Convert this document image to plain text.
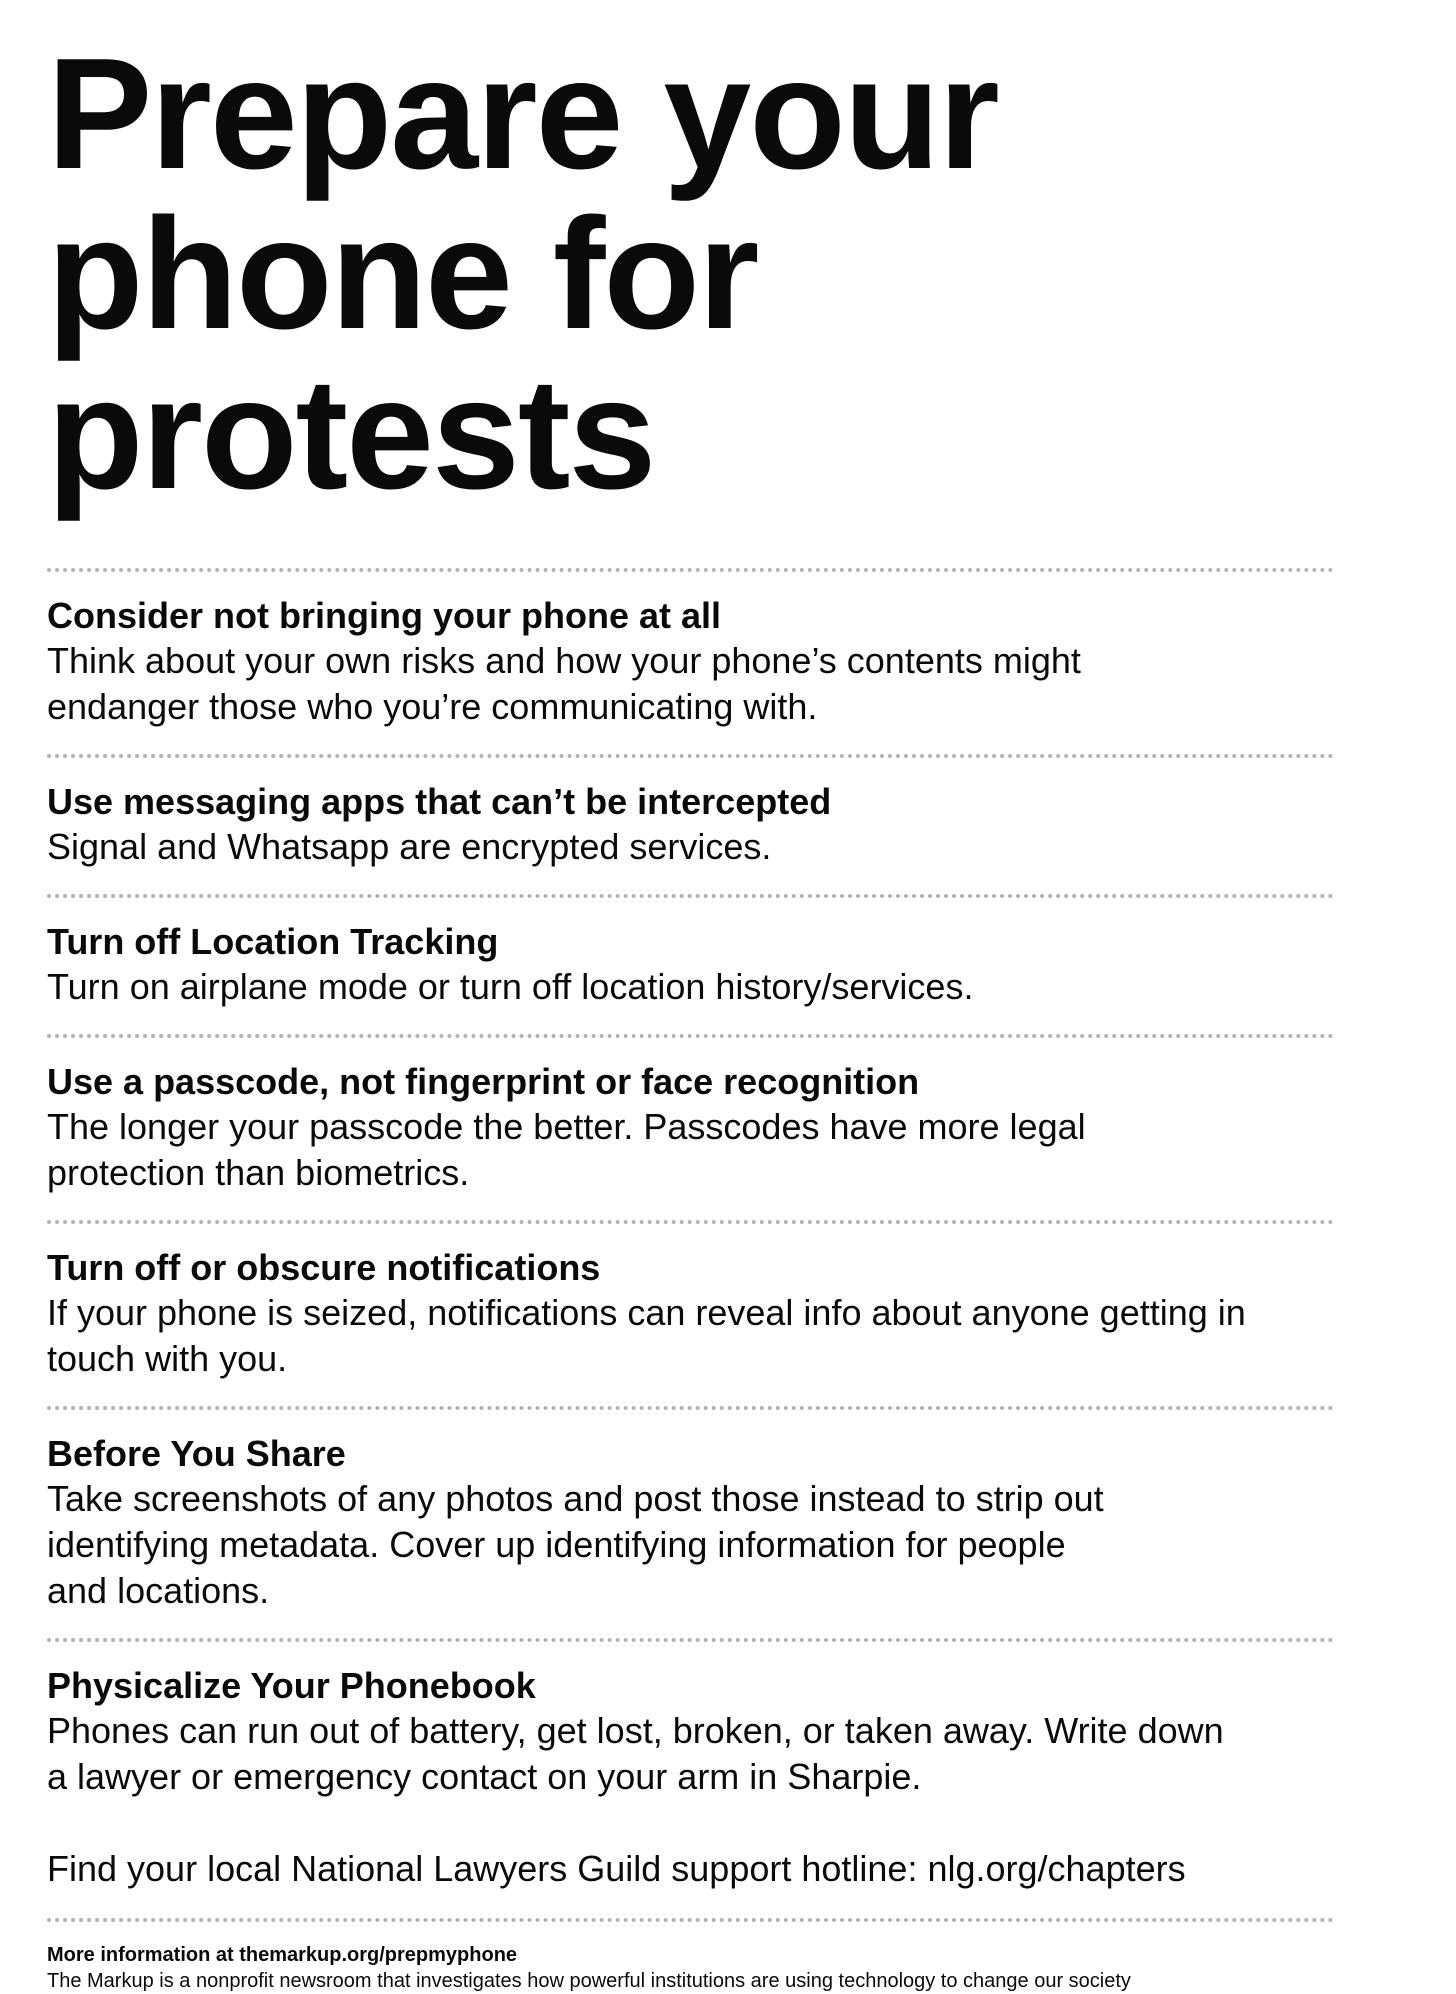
Prepare your
phone for protests

Consider not bringing your phone at all

Think about your own risks and how your phone’s contents might
endanger those who you’re communicating with.

Use messaging apps that can’t be intercepted

Signal and Whatsapp are encrypted services.

Turn off Location Tracking

Turn on airplane mode or turn off location history/services.

Use a passcode, not fingerprint or face recognition

The longer your passcode the better. Passcodes have more legal
protection than biometrics.

Turn off or obscure notifications

If your phone is seized, notifications can reveal info about anyone getting in
touch with you.

Before You Share

Take screenshots of any photos and post those instead to strip out
identifying metadata. Cover up identifying information for people
and locations.

Physicalize Your Phonebook

Phones can run out of battery, get lost, broken, or taken away. Write down
a lawyer or emergency contact on your arm in Sharpie.

Find your local National Lawyers Guild support hotline: nlg.org/chapters

More information at themarkup.org/prepmyphone

The Markup is a nonprofit newsroom that investigates how powerful institutions are using technology to change our society
